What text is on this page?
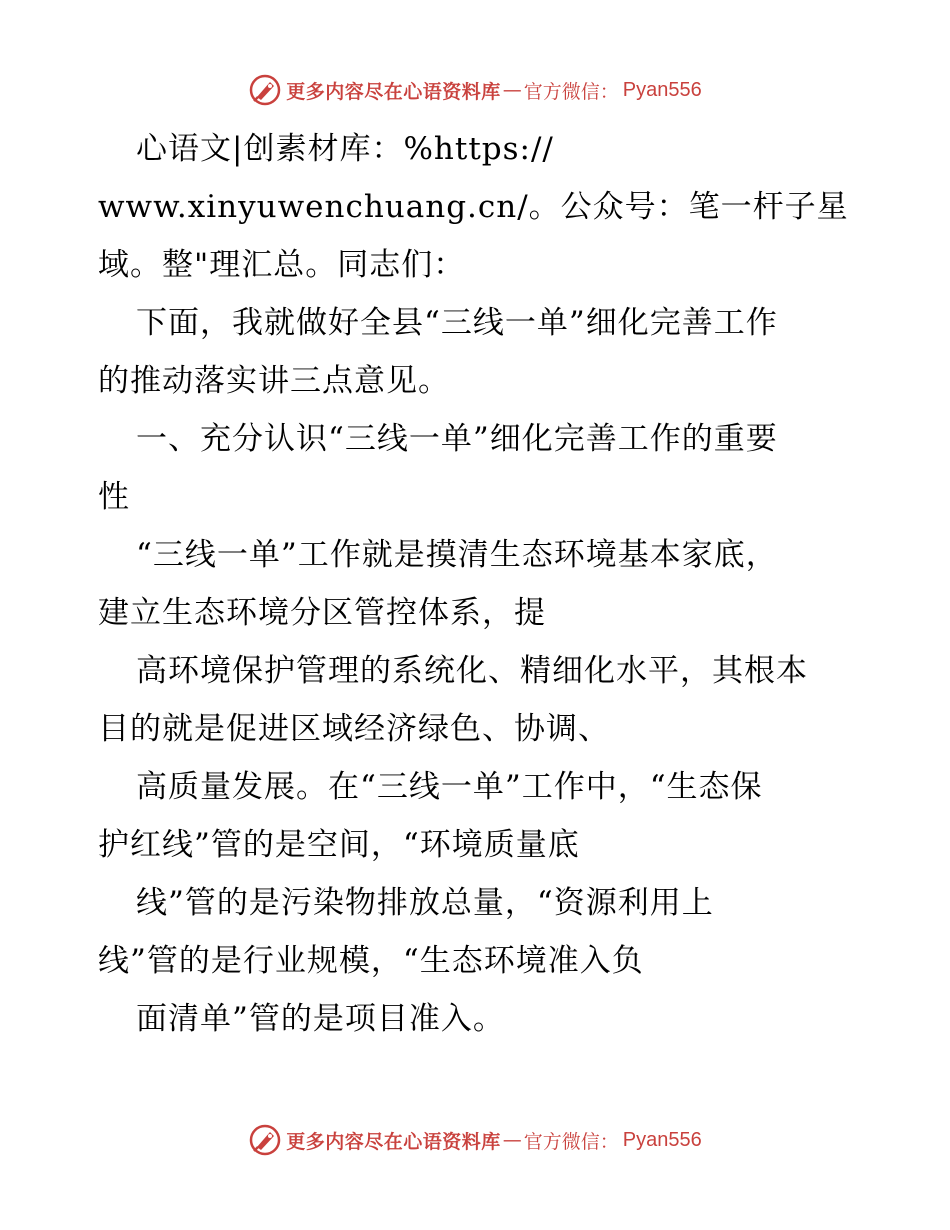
更多内容尽在心语资料库 — 官方微信： Pyan556
心语文|创素材库：%https://
www.xinyuwenchuang.cn/。公众号：笔一杆子星
域。整"理汇总。同志们：
下面，我就做好全县“三线一单”细化完善工作
的推动落实讲三点意见。
一、充分认识“三线一单”细化完善工作的重要
性
“三线一单”工作就是摸清生态环境基本家底，
建立生态环境分区管控体系，提
高环境保护管理的系统化、精细化水平，其根本
目的就是促进区域经济绿色、协调、
高质量发展。在“三线一单”工作中，“生态保
护红线”管的是空间，“环境质量底
线”管的是污染物排放总量，“资源利用上
线”管的是行业规模，“生态环境准入负
面清单”管的是项目准入。
更多内容尽在心语资料库 — 官方微信： Pyan556
